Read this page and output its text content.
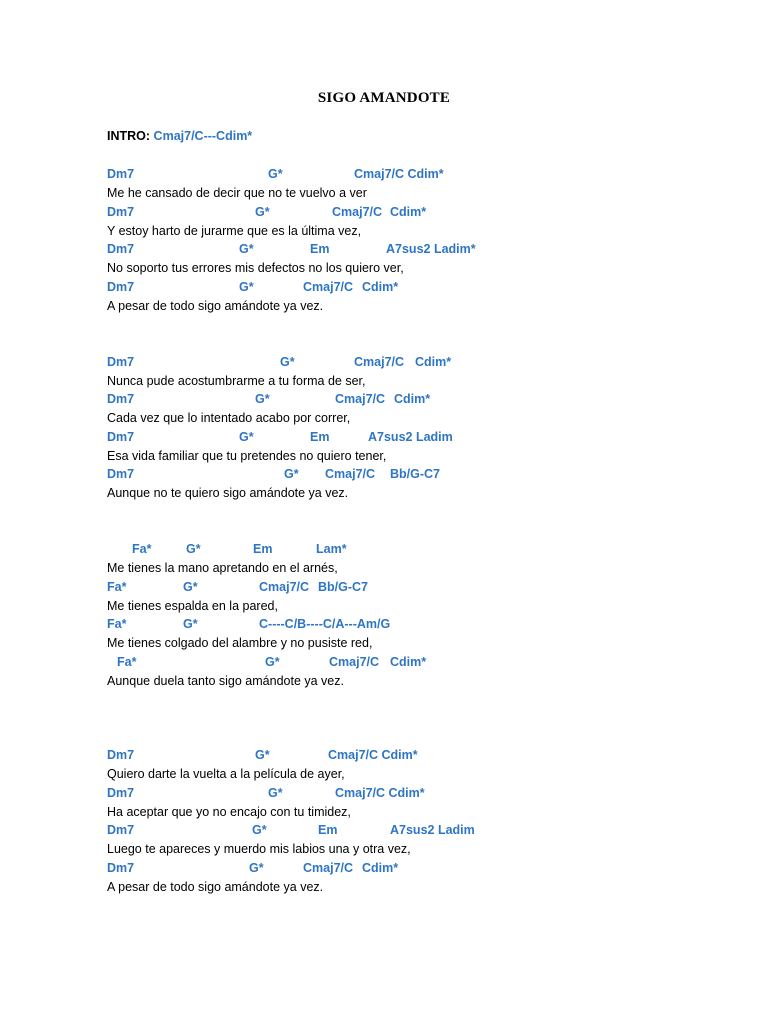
SIGO AMANDOTE
INTRO: Cmaj7/C---Cdim*

Dm7

	G*

	Cmaj7/C Cdim*

Me he cansado de decir que no te vuelvo a ver

Dm7

	G*

	Cmaj7/C

Cdim*

Y estoy harto de jurarme que es la última vez,

Dm7

	G*

	Em

	A7sus2 Ladim*

No soporto tus errores mis defectos no los quiero ver,

Dm7

	G*

	Cmaj7/C

Cdim*

A pesar de todo sigo amándote ya vez.

Dm7

	G*

	Cmaj7/C

Cdim*

Nunca pude acostumbrarme a tu forma de ser,

Dm7

	G*

	Cmaj7/C

Cdim*

Cada vez que lo intentado acabo por correr,

Dm7

	G*

	Em

	A7sus2 Ladim

Esa vida familiar que tu pretendes no quiero tener,

Dm7

	G*

Cmaj7/C

Bb/G-C7

Aunque no te quiero sigo amándote ya vez.

Fa*

	G*

	Em

	Lam*

Me tienes la mano apretando en el arnés,

Fa*

	G*

	Cmaj7/C

Bb/G-C7

Me tienes espalda en la pared,

Fa*

	G*

	C----C/B----C/A---Am/G

Me tienes colgado del alambre y no pusiste red,

Fa*

	G*

	Cmaj7/C

Cdim*

Aunque duela tanto sigo amándote ya vez.

Dm7

	G*

	Cmaj7/C Cdim*

Quiero darte la vuelta a la película de ayer,

Dm7

	G*

	Cmaj7/C Cdim*

Ha aceptar que yo no encajo con tu timidez,

Dm7

	G*

	Em

	A7sus2 Ladim

Luego te apareces y muerdo mis labios una y otra vez,

Dm7

	G*

	Cmaj7/C

Cdim*

A pesar de todo sigo amándote ya vez.
